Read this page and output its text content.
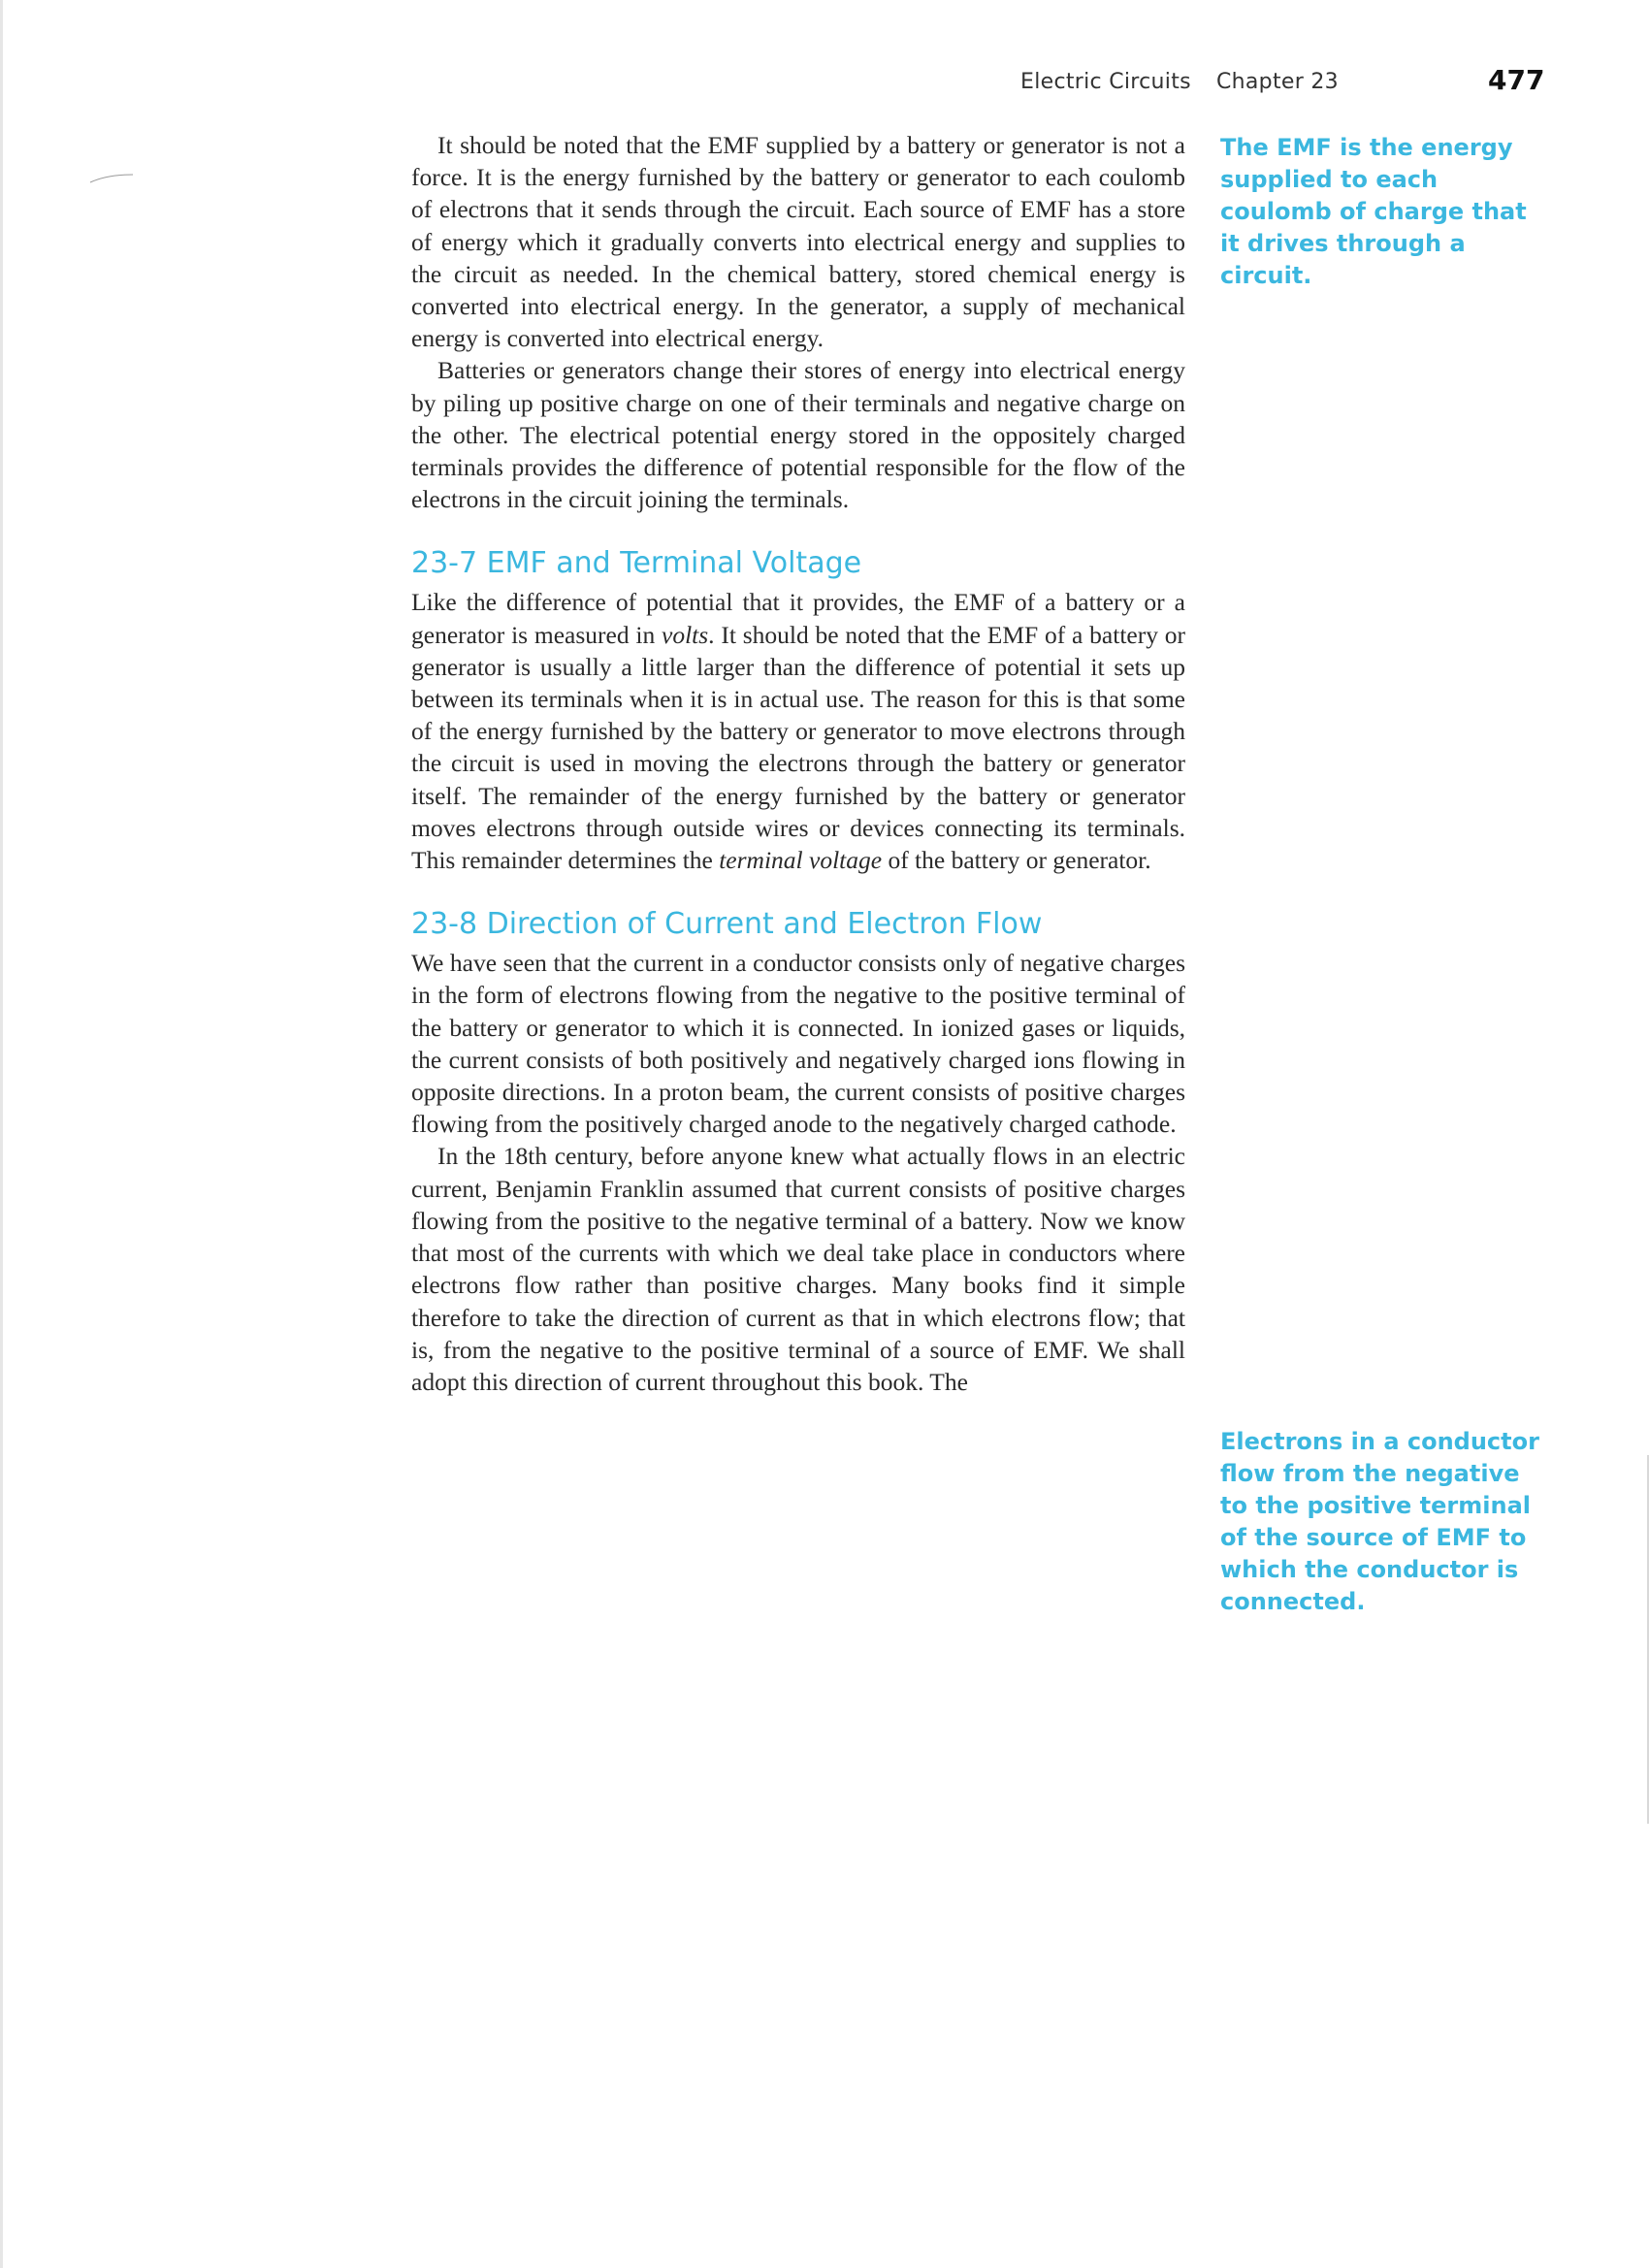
Electric Circuits Chapter 23	477

It should be noted that the EMF supplied by a battery or generator is not a force. It is the energy furnished by the battery or generator to each coulomb of electrons that it sends through the circuit. Each source of EMF has a store of energy which it gradually converts into electrical energy and supplies to the circuit as needed. In the chemical battery, stored chemical energy is converted into electrical energy. In the generator, a supply of mechanical energy is converted into electrical energy.

Batteries or generators change their stores of energy into electrical energy by piling up positive charge on one of their terminals and negative charge on the other. The electrical potential energy stored in the oppositely charged terminals provides the difference of potential responsible for the flow of the electrons in the circuit joining the terminals.

23-7 EMF and Terminal Voltage

Like the difference of potential that it provides, the EMF of a battery or a generator is measured in volts. It should be noted that the EMF of a battery or generator is usually a little larger than the difference of potential it sets up between its terminals when it is in actual use. The reason for this is that some of the energy furnished by the battery or generator to move electrons through the circuit is used in moving the electrons through the battery or generator itself. The remainder of the energy furnished by the battery or generator moves electrons through outside wires or devices connecting its terminals. This remainder determines the terminal voltage of the battery or generator.

23-8 Direction of Current and Electron Flow

We have seen that the current in a conductor consists only of negative charges in the form of electrons flowing from the negative to the positive terminal of the battery or generator to which it is connected. In ionized gases or liquids, the current consists of both positively and negatively charged ions flowing in opposite directions. In a proton beam, the current consists of positive charges flowing from the positively charged anode to the negatively charged cathode.

In the 18th century, before anyone knew what actually flows in an electric current, Benjamin Franklin assumed that current consists of positive charges flowing from the positive to the negative terminal of a battery. Now we know that most of the currents with which we deal take place in conductors where electrons flow rather than positive charges. Many books find it simple therefore to take the direction of current as that in which electrons flow; that is, from the negative to the positive terminal of a source of EMF. We shall adopt this direction of current throughout this book. The

The EMF is the energy supplied to each coulomb of charge that it drives through a circuit.
Electrons in a conductor flow from the negative to the positive terminal of the source of EMF to which the conductor is connected.
